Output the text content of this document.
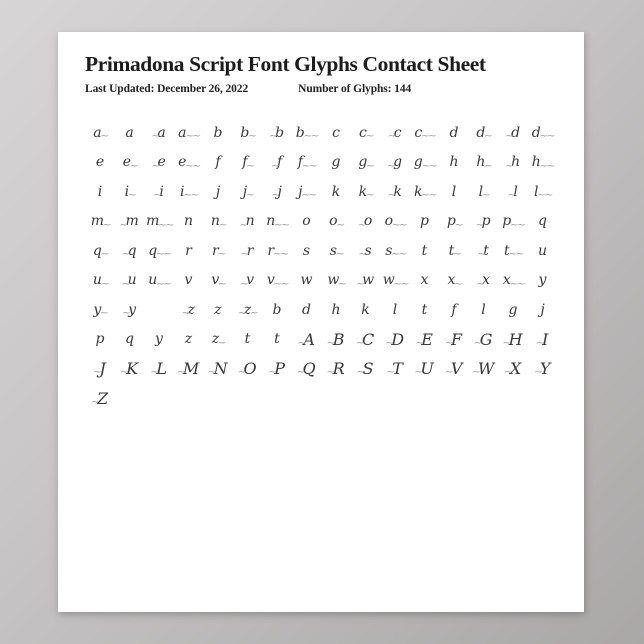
Primadona Script Font Glyphs Contact Sheet
Last Updated: December 26, 2022	Number of Glyphs: 144
a ~ a ~ a a ~~ b b ~ ~ b b ~~ c c ~ ~ c c ~~ d d ~ ~ d d ~~
e e ~ ~ e e ~~ f f ~ ~ f f ~~ g g ~ ~ g g ~~ h h ~ ~ h h ~~
i i ~ ~ i i ~~ j j ~ ~ j j ~~ k k ~ ~ k k ~~ l l ~ ~ l l ~~
m ~ ~ m m ~~ n n ~ ~ n n ~~ o o ~ ~ o o ~~ p p ~ ~ p p ~~ q
q ~ ~ q q ~~ r r ~ ~ r r ~~ s s ~ ~ s s ~~ t t ~ ~ t t ~~ u
u ~ ~ u u ~~ v v ~ ~ v v ~~ w w ~ ~ w w ~~ x x ~ ~ x x ~~ y
y ~ ~ y	~ z z ~ z ~ b d h k l t f l g j
p q y z z ~ t t ~ A ~ B ~ C ~ D ~ E ~ F ~ G ~ H ~ I
~ J ~ K ~ L ~ M ~ N ~ O ~ P ~ Q ~ R ~ S ~ T ~ U ~ V ~ W ~ X ~ Y
~ Z
